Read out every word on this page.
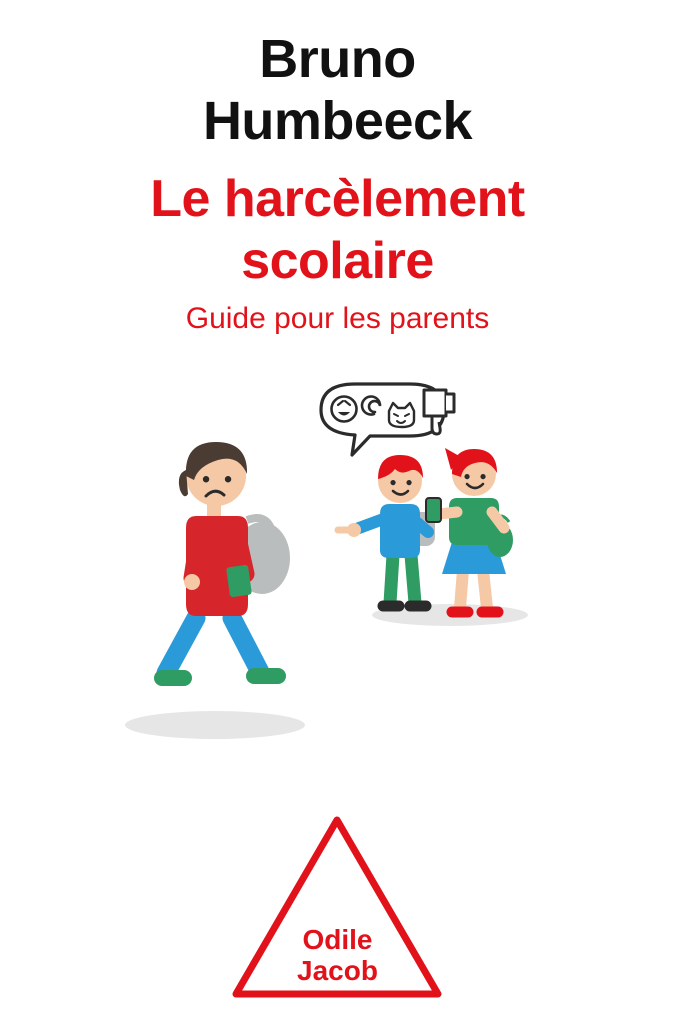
Bruno
Humbeeck
Le harcèlement
scolaire
Guide pour les parents
Odile
Jacob
